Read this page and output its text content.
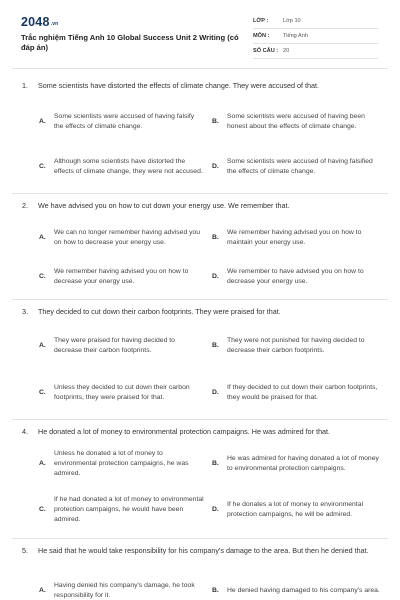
2048.vn
Trắc nghiệm Tiếng Anh 10 Global Success Unit 2 Writing (có đáp án)
LỚP :	Lớp 10
MÔN : Tiếng Anh
SỐ CÂU : 20
1. Some scientists have distorted the effects of climate change. They were accused of that.
A.
Some scientists were accused of having falsify the effects of climate change.
B.
Some scientists were accused of having been honest about the effects of climate change.
C.
Although some scientists have distorted the effects of climate change, they were not accused.
D.
Some scientists were accused of having falsified the effects of climate change.
2. We have advised you on how to cut down your energy use. We remember that.
A.
We can no longer remember having advised you on how to decrease your energy use.
B.
We remember having advised you on how to maintain your energy use.
C.
We remember having advised you on how to decrease your energy use.
D.
We remember to have advised you on how to decrease your energy use.
3. They decided to cut down their carbon footprints. They were praised for that.
A.
They were praised for having decided to decrease their carbon footprints.
B.
They were not punished for having decided to decrease their carbon footprints.
C.
Unless they decided to cut down their carbon footprints, they were praised for that.
D.
If they decided to cut down their carbon footprints, they would be praised for that.
4. He donated a lot of money to environmental protection campaigns. He was admired for that.
A.
Unless he donated a lot of money to environmental protection campaigns, he was admired.
B.
He was admired for having donated a lot of money to environmental protection campaigns.
C.
If he had donated a lot of money to environmental protection campaigns, he would have been admired.
D.
If he donates a lot of money to environmental protection campaigns, he will be admired.
5. He said that he would take responsibility for his company's damage to the area. But then he denied that.
A.
Having denied his company's damage, he took responsibility for it.
B. He denied having damaged to his company's area.
